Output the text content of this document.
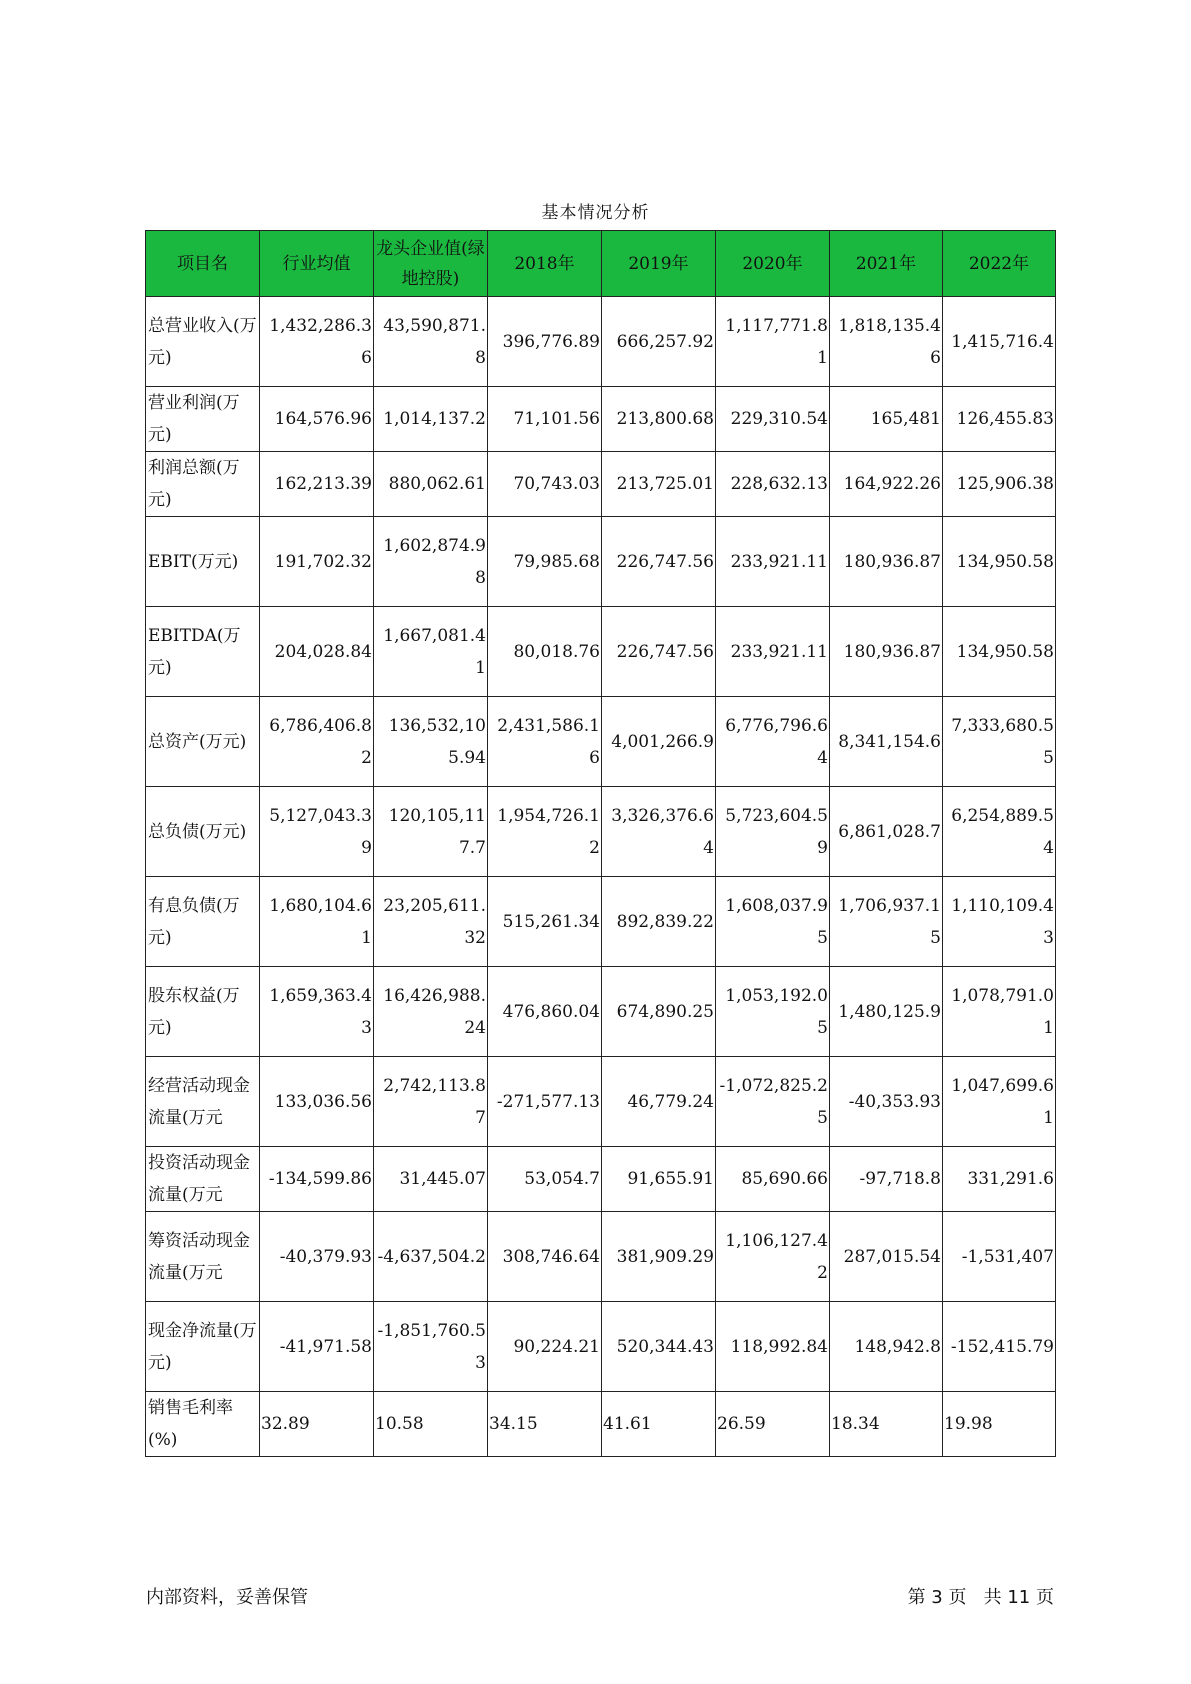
基本情况分析
项目名	行业均值	龙头企业值(绿地控股)	2018年	2019年	2020年	2021年	2022年
总营业收入(万元)	1,432,286.36	43,590,871.8	396,776.89	666,257.92	1,117,771.81	1,818,135.46	1,415,716.4
营业利润(万元)	164,576.96	1,014,137.2	71,101.56	213,800.68	229,310.54	165,481	126,455.83
利润总额(万元)	162,213.39	880,062.61	70,743.03	213,725.01	228,632.13	164,922.26	125,906.38
EBIT(万元)	191,702.32	1,602,874.98	79,985.68	226,747.56	233,921.11	180,936.87	134,950.58
EBITDA(万元)	204,028.84	1,667,081.41	80,018.76	226,747.56	233,921.11	180,936.87	134,950.58
总资产(万元)	6,786,406.82	136,532,105.94	2,431,586.16	4,001,266.9	6,776,796.64	8,341,154.6	7,333,680.55
总负债(万元)	5,127,043.39	120,105,117.7	1,954,726.12	3,326,376.64	5,723,604.59	6,861,028.7	6,254,889.54
有息负债(万元)	1,680,104.61	23,205,611.32	515,261.34	892,839.22	1,608,037.95	1,706,937.15	1,110,109.43
股东权益(万元)	1,659,363.43	16,426,988.24	476,860.04	674,890.25	1,053,192.05	1,480,125.9	1,078,791.01
经营活动现金流量(万元	133,036.56	2,742,113.87	-271,577.13	46,779.24	-1,072,825.25	-40,353.93	1,047,699.61
投资活动现金流量(万元	-134,599.86	31,445.07	53,054.7	91,655.91	85,690.66	-97,718.8	331,291.6
筹资活动现金流量(万元	-40,379.93	-4,637,504.2	308,746.64	381,909.29	1,106,127.42	287,015.54	-1,531,407
现金净流量(万元)	-41,971.58	-1,851,760.53	90,224.21	520,344.43	118,992.84	148,942.8	-152,415.79
销售毛利率(%)	32.89	10.58	34.15	41.61	26.59	18.34	19.98
内部资料，妥善保管	第 3 页   共 11 页
